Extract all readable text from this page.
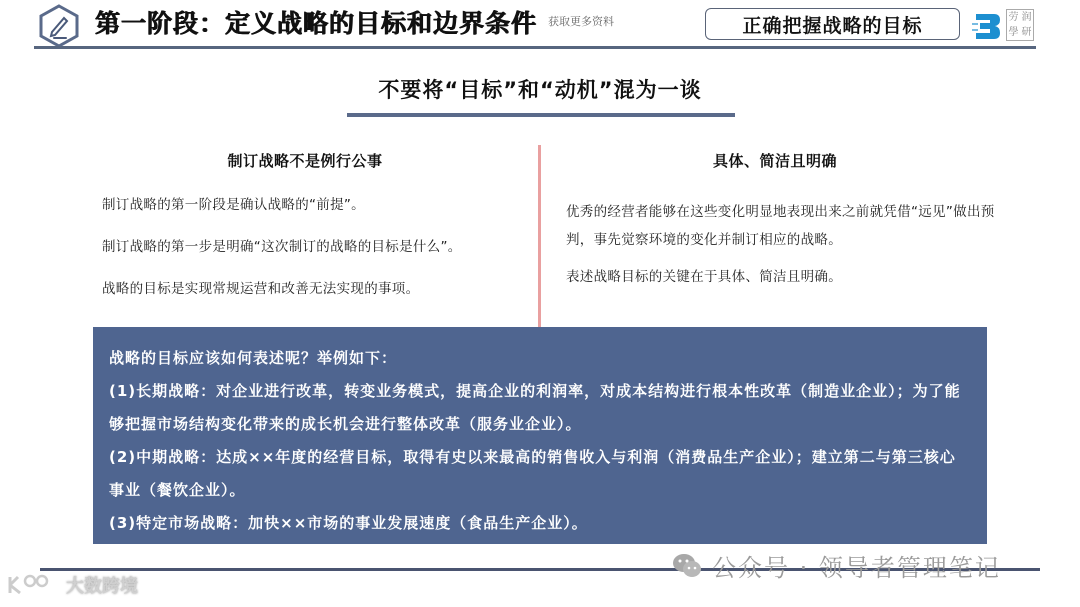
第一阶段：定义战略的目标和边界条件 获取更多资料	正确把握战略的目标	劳 润
學 研
不要将“目标”和“动机”混为一谈
制订战略不是例行公事
制订战略的第一阶段是确认战略的“前提”。
制订战略的第一步是明确“这次制订的战略的目标是什么”。
战略的目标是实现常规运营和改善无法实现的事项。
具体、简洁且明确
优秀的经营者能够在这些变化明显地表现出来之前就凭借“远见”做出预判，事先觉察环境的变化并制订相应的战略。
表述战略目标的关键在于具体、简洁且明确。

战略的目标应该如何表述呢？举例如下：

(1)长期战略：对企业进行改革，转变业务模式，提高企业的利润率，对成本结构进行根本性改革（制造业企业）；为了能够把握市场结构变化带来的成长机会进行整体改革（服务业企业）。

(2)中期战略：达成××年度的经营目标，取得有史以来最高的销售收入与利润（消费品生产企业）；建立第二与第三核心事业（餐饮企业）。

(3)特定市场战略：加快××市场的事业发展速度（食品生产企业）。

公众号 · 领导者管理笔记
大数跨境
